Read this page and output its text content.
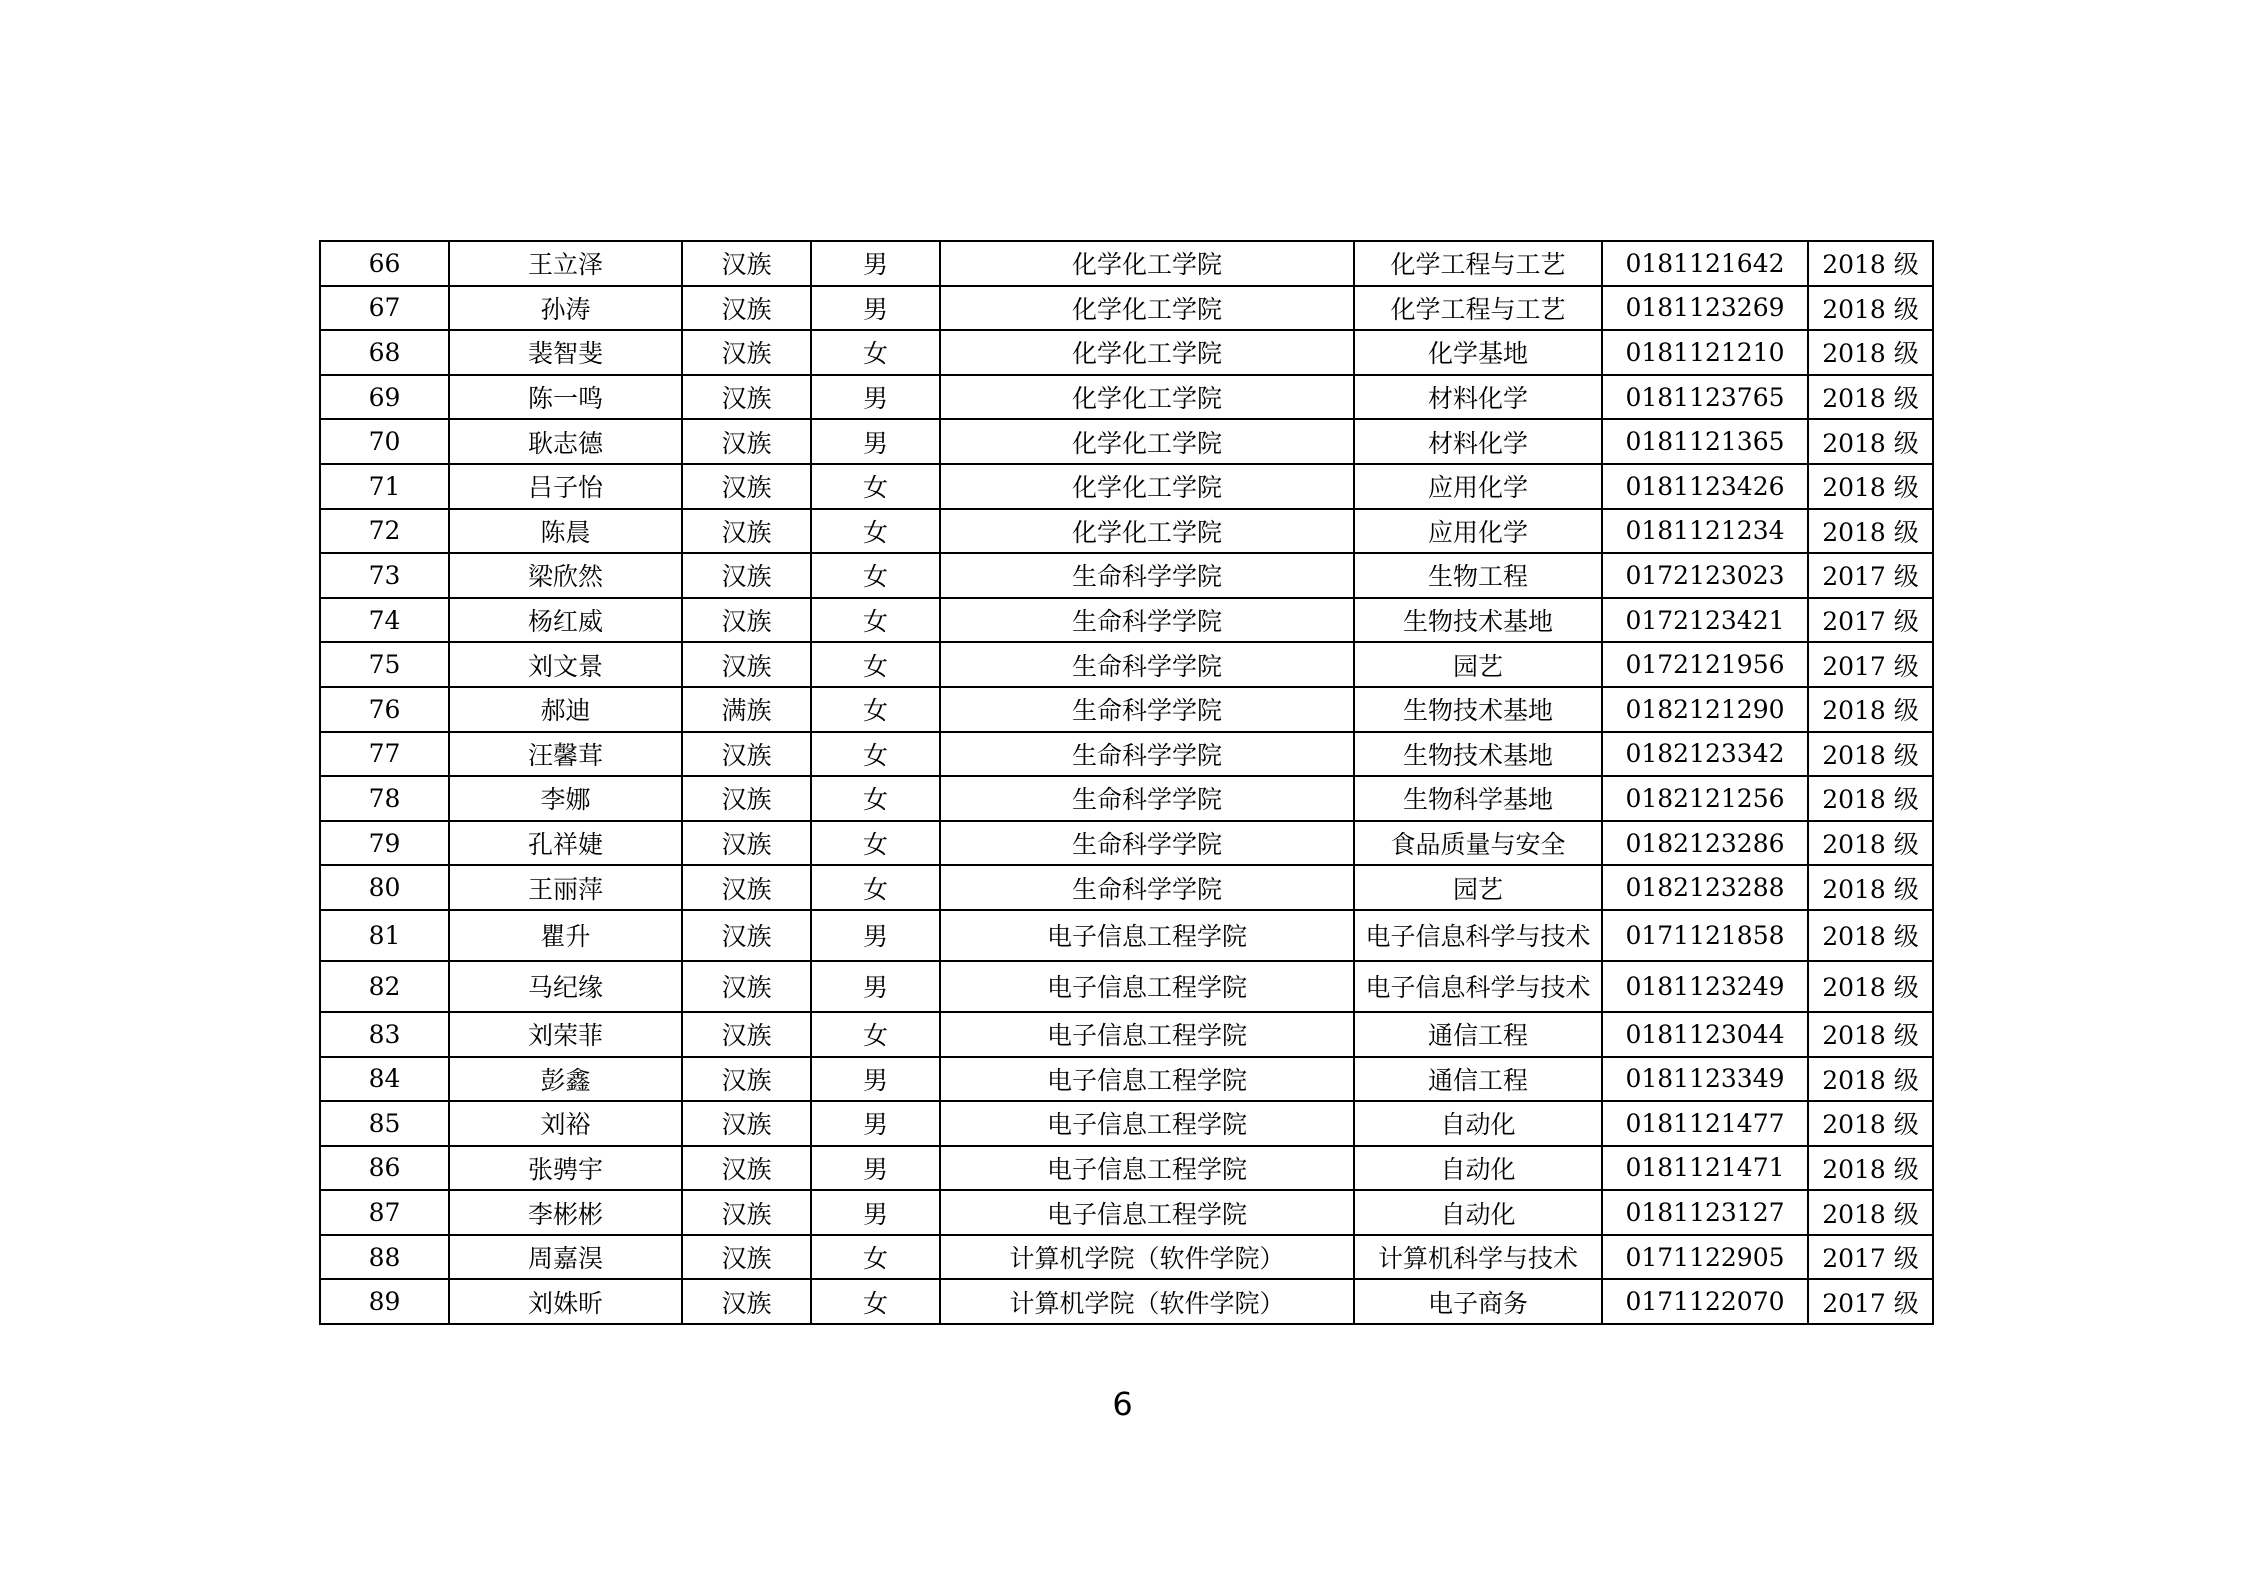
66	王立泽	汉族	男	化学化工学院	化学工程与工艺	0181121642	2018 级
67	孙涛	汉族	男	化学化工学院	化学工程与工艺	0181123269	2018 级
68	裴智斐	汉族	女	化学化工学院	化学基地	0181121210	2018 级
69	陈一鸣	汉族	男	化学化工学院	材料化学	0181123765	2018 级
70	耿志德	汉族	男	化学化工学院	材料化学	0181121365	2018 级
71	吕子怡	汉族	女	化学化工学院	应用化学	0181123426	2018 级
72	陈晨	汉族	女	化学化工学院	应用化学	0181121234	2018 级
73	梁欣然	汉族	女	生命科学学院	生物工程	0172123023	2017 级
74	杨红威	汉族	女	生命科学学院	生物技术基地	0172123421	2017 级
75	刘文景	汉族	女	生命科学学院	园艺	0172121956	2017 级
76	郝迪	满族	女	生命科学学院	生物技术基地	0182121290	2018 级
77	汪馨茸	汉族	女	生命科学学院	生物技术基地	0182123342	2018 级
78	李娜	汉族	女	生命科学学院	生物科学基地	0182121256	2018 级
79	孔祥婕	汉族	女	生命科学学院	食品质量与安全	0182123286	2018 级
80	王丽萍	汉族	女	生命科学学院	园艺	0182123288	2018 级
81	瞿升	汉族	男	电子信息工程学院	电子信息科学与技术	0171121858	2018 级
82	马纪缘	汉族	男	电子信息工程学院	电子信息科学与技术	0181123249	2018 级
83	刘荣菲	汉族	女	电子信息工程学院	通信工程	0181123044	2018 级
84	彭鑫	汉族	男	电子信息工程学院	通信工程	0181123349	2018 级
85	刘裕	汉族	男	电子信息工程学院	自动化	0181121477	2018 级
86	张骋宇	汉族	男	电子信息工程学院	自动化	0181121471	2018 级
87	李彬彬	汉族	男	电子信息工程学院	自动化	0181123127	2018 级
88	周嘉淏	汉族	女	计算机学院（软件学院）	计算机科学与技术	0171122905	2017 级
89	刘姝昕	汉族	女	计算机学院（软件学院）	电子商务	0171122070	2017 级
6
